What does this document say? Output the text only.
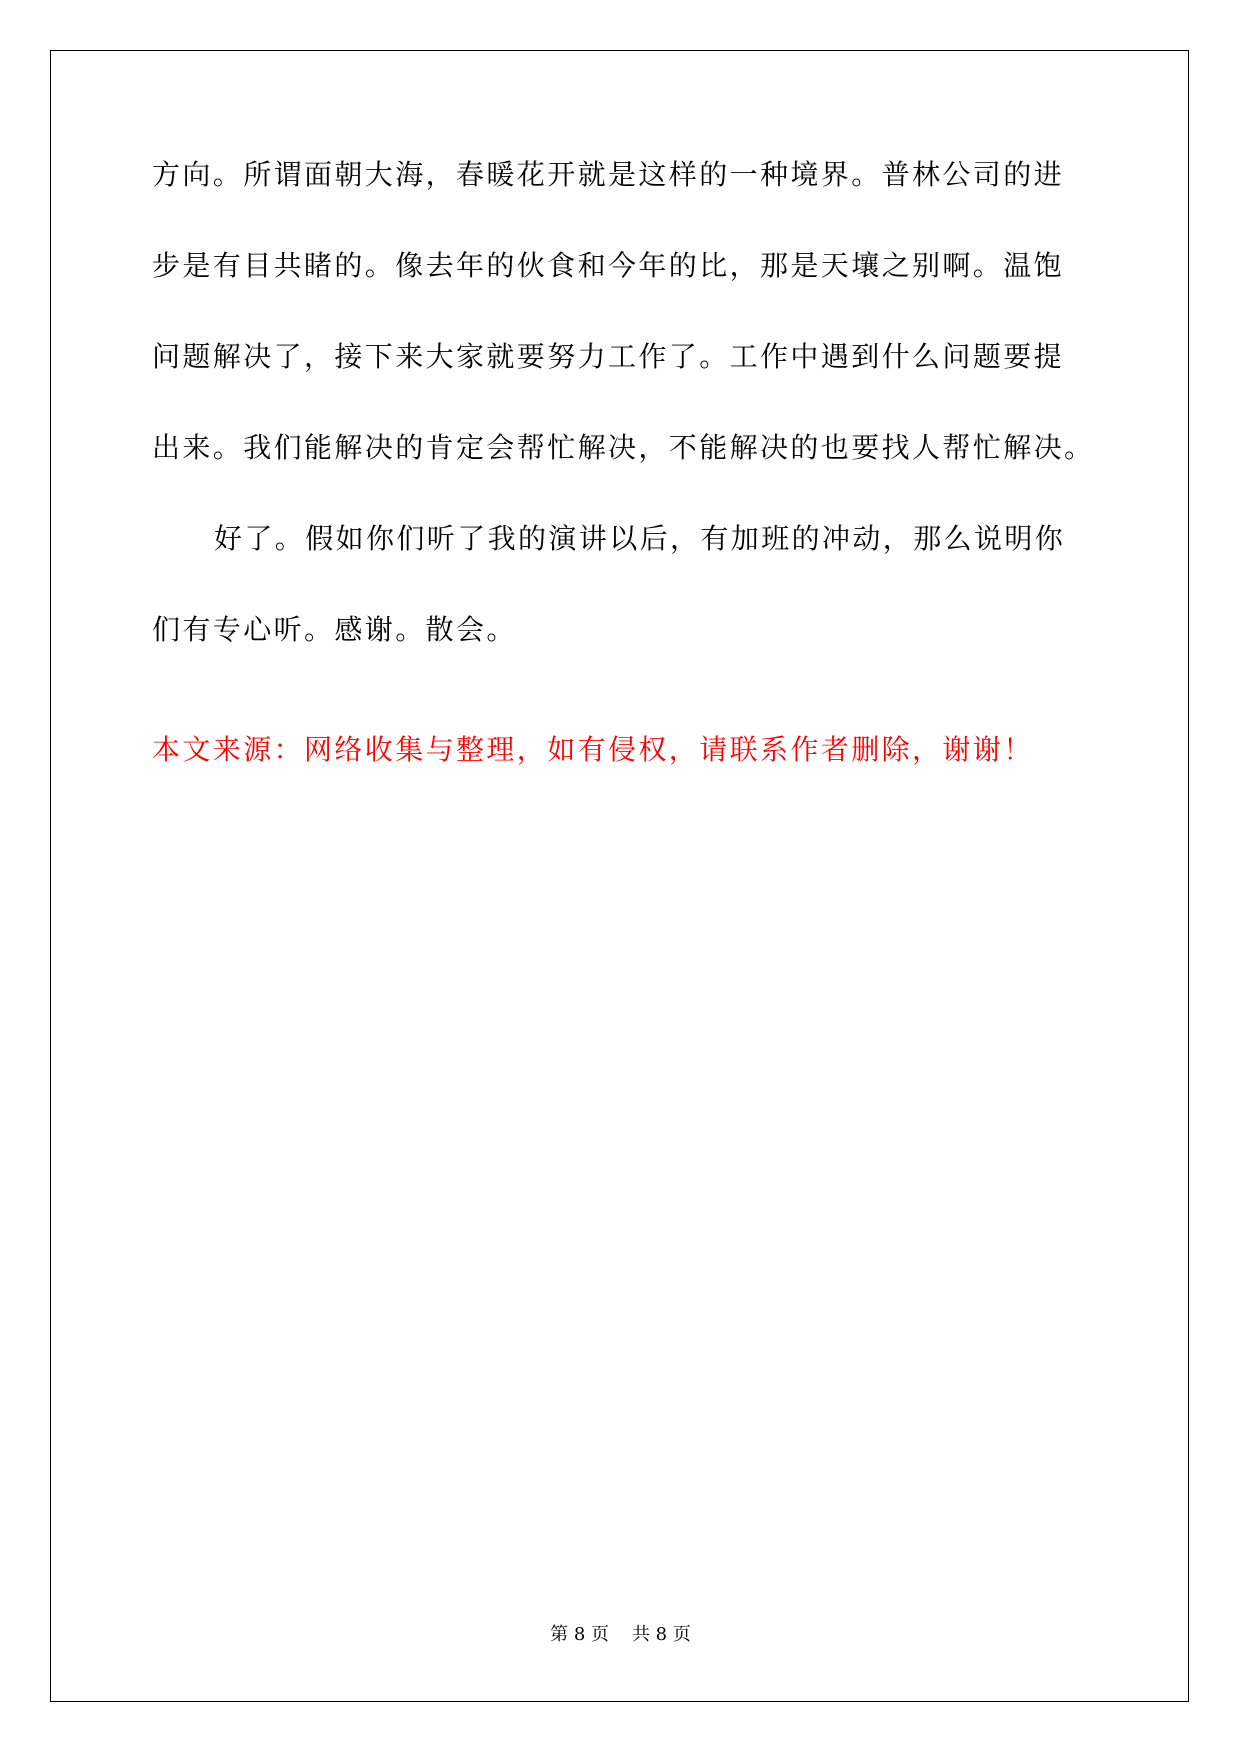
方向。所谓面朝大海，春暖花开就是这样的一种境界。普林公司的进
步是有目共睹的。像去年的伙食和今年的比，那是天壤之别啊。温饱
问题解决了，接下来大家就要努力工作了。工作中遇到什么问题要提
出来。我们能解决的肯定会帮忙解决，不能解决的也要找人帮忙解决。
好了。假如你们听了我的演讲以后，有加班的冲动，那么说明你
们有专心听。感谢。散会。
本文来源：网络收集与整理，如有侵权，请联系作者删除，谢谢！
第 8 页    共 8 页
